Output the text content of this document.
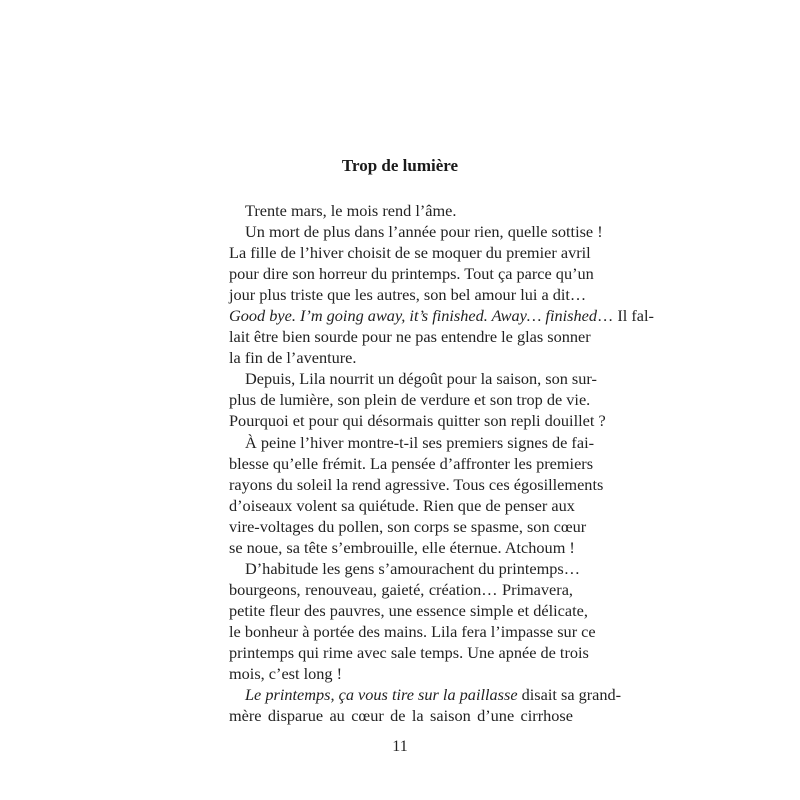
Trop de lumière
Trente mars, le mois rend l’âme.
Un mort de plus dans l’année pour rien, quelle sottise !
La fille de l’hiver choisit de se moquer du premier avril
pour dire son horreur du printemps. Tout ça parce qu’un
jour plus triste que les autres, son bel amour lui a dit…
Good bye. I’m going away, it’s finished. Away… finished… Il fal-
lait être bien sourde pour ne pas entendre le glas sonner
la fin de l’aventure.
Depuis, Lila nourrit un dégoût pour la saison, son sur-
plus de lumière, son plein de verdure et son trop de vie.
Pourquoi et pour qui désormais quitter son repli douillet ?
À peine l’hiver montre-t-il ses premiers signes de fai-
blesse qu’elle frémit. La pensée d’affronter les premiers
rayons du soleil la rend agressive. Tous ces égosillements
d’oiseaux volent sa quiétude. Rien que de penser aux
vire-voltages du pollen, son corps se spasme, son cœur
se noue, sa tête s’embrouille, elle éternue. Atchoum !
D’habitude les gens s’amourachent du printemps…
bourgeons, renouveau, gaieté, création… Primavera,
petite fleur des pauvres, une essence simple et délicate,
le bonheur à portée des mains. Lila fera l’impasse sur ce
printemps qui rime avec sale temps. Une apnée de trois
mois, c’est long !
Le printemps, ça vous tire sur la paillasse disait sa grand-
mère disparue au cœur de la saison d’une cirrhose
11
